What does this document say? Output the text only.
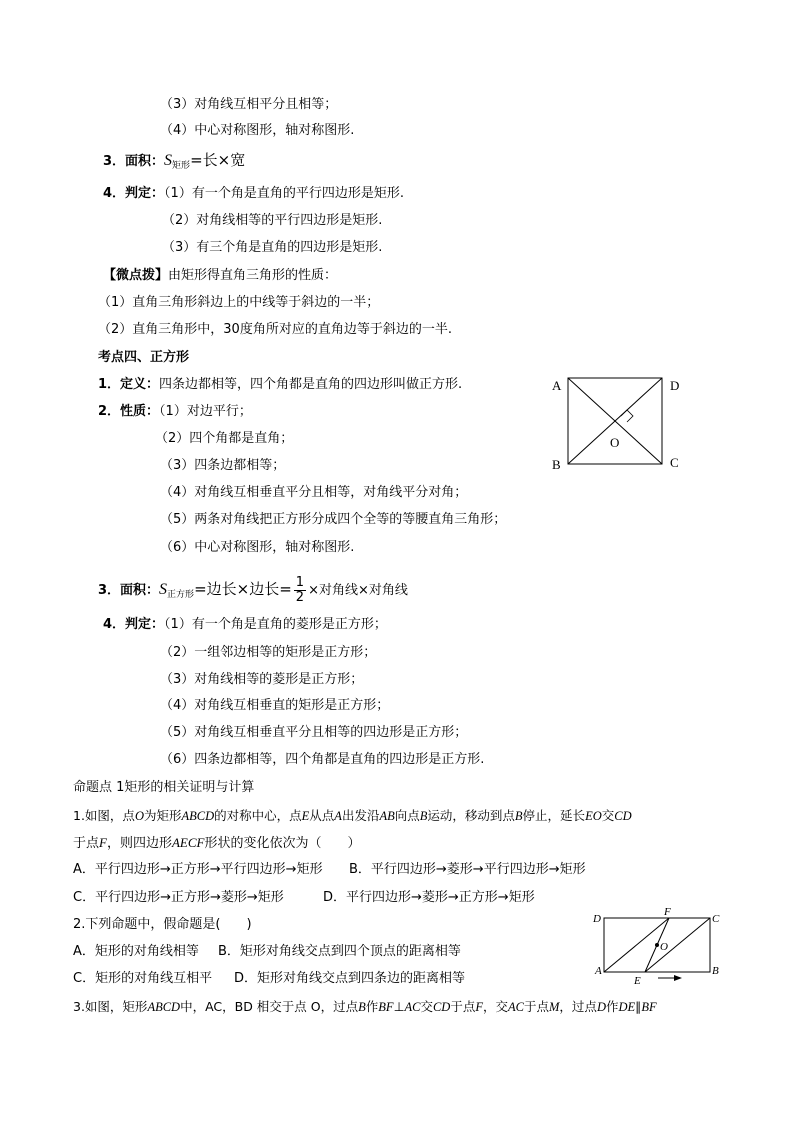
（3）对角线互相平分且相等；
（4）中心对称图形，轴对称图形.
3．面积：$S_{矩形}=$长×宽
4．判定：（1）有一个角是直角的平行四边形是矩形.
（2）对角线相等的平行四边形是矩形.
（3）有三个角是直角的四边形是矩形.
【微点拨】由矩形得直角三角形的性质：
（1）直角三角形斜边上的中线等于斜边的一半；
（2）直角三角形中，30度角所对应的直角边等于斜边的一半.
考点四、正方形
1．定义：四条边都相等，四个角都是直角的四边形叫做正方形.
2．性质：（1）对边平行；
（2）四个角都是直角；
（3）四条边都相等；
（4）对角线互相垂直平分且相等，对角线平分对角；
（5）两条对角线把正方形分成四个全等的等腰直角三角形；
（6）中心对称图形，轴对称图形.
3．面积：$S_{正方形}=$边长×边长= $\frac{1}{2}$ ×对角线×对角线
4．判定：（1）有一个角是直角的菱形是正方形；
（2）一组邻边相等的矩形是正方形；
（3）对角线相等的菱形是正方形；
（4）对角线互相垂直的矩形是正方形；
（5）对角线互相垂直平分且相等的四边形是正方形；
（6）四条边都相等，四个角都是直角的四边形是正方形.
A	D
B	C
O
命题点 1矩形的相关证明与计算
1.如图，点O为矩形ABCD的对称中心，点E从点A出发沿AB向点B运动，移动到点B停止，延长EO交CD
于点F，则四边形AECF形状的变化依次为（　　）
A．平行四边形→正方形→平行四边形→矩形 B．平行四边形→菱形→平行四边形→矩形
C．平行四边形→正方形→菱形→矩形	D．平行四边形→菱形→正方形→矩形
2.下列命题中，假命题是(　　)
A．矩形的对角线相等 B．矩形对角线交点到四个顶点的距离相等
C．矩形的对角线互相平 D．矩形对角线交点到四条边的距离相等
D	C
A	B
F
E
O
3.如图，矩形ABCD中，AC，BD 相交于点 O，过点B作BF⊥AC交CD于点F，交AC于点M，过点D作DE∥BF
